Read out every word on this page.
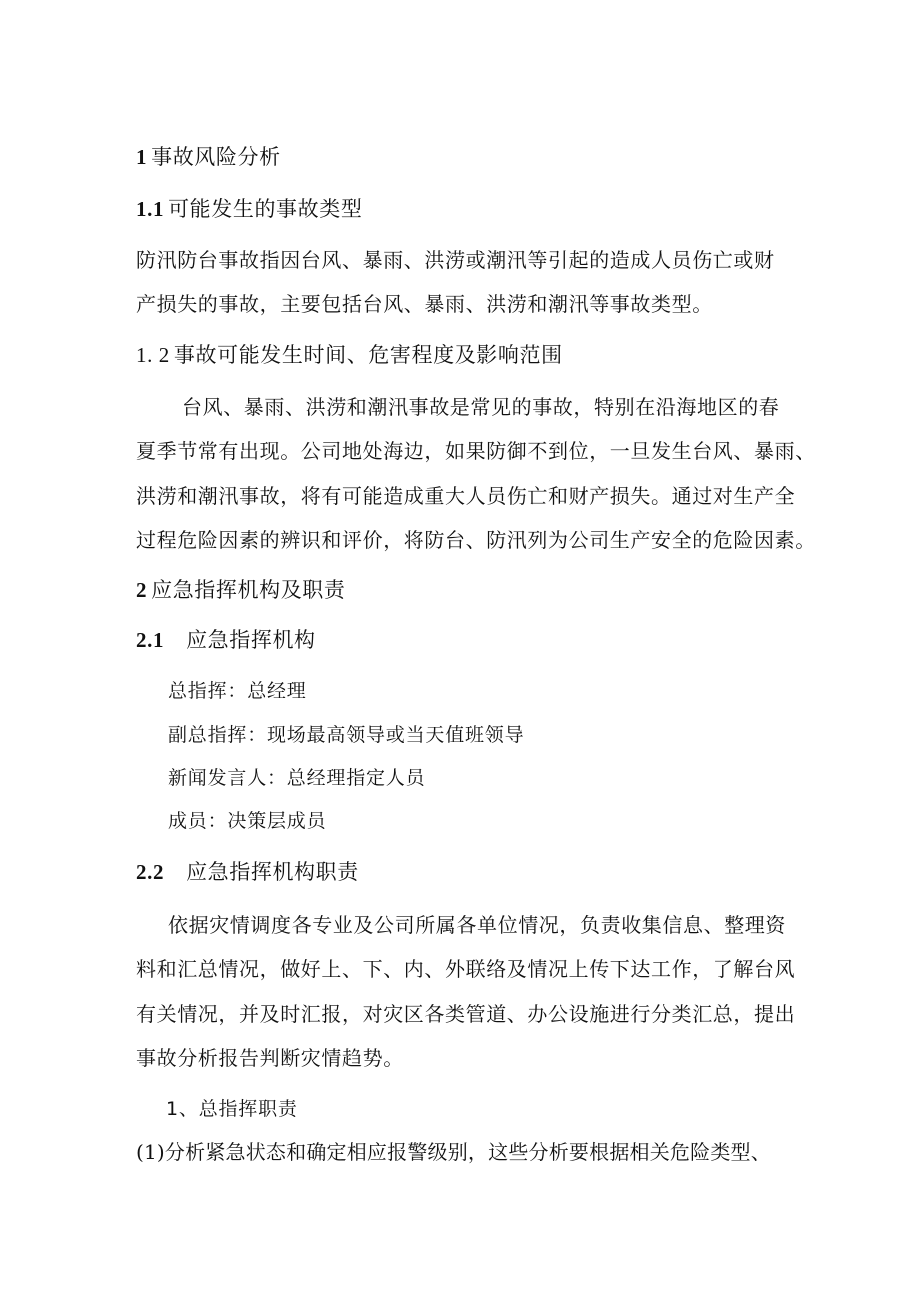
1 事故风险分析
1.1 可能发生的事故类型
防汛防台事故指因台风、暴雨、洪涝或潮汛等引起的造成人员伤亡或财
产损失的事故，主要包括台风、暴雨、洪涝和潮汛等事故类型。
1. 2 事故可能发生时间、危害程度及影响范围
台风、暴雨、洪涝和潮汛事故是常见的事故，特别在沿海地区的春
夏季节常有出现。公司地处海边，如果防御不到位，一旦发生台风、暴雨、
洪涝和潮汛事故，将有可能造成重大人员伤亡和财产损失。通过对生产全
过程危险因素的辨识和评价，将防台、防汛列为公司生产安全的危险因素。
2 应急指挥机构及职责
2.1 应急指挥机构
总指挥：总经理
副总指挥：现场最高领导或当天值班领导
新闻发言人：总经理指定人员
成员：决策层成员
2.2 应急指挥机构职责
依据灾情调度各专业及公司所属各单位情况，负责收集信息、整理资
料和汇总情况，做好上、下、内、外联络及情况上传下达工作，了解台风
有关情况，并及时汇报，对灾区各类管道、办公设施进行分类汇总，提出
事故分析报告判断灾情趋势。
1、总指挥职责
(1)分析紧急状态和确定相应报警级别，这些分析要根据相关危险类型、
